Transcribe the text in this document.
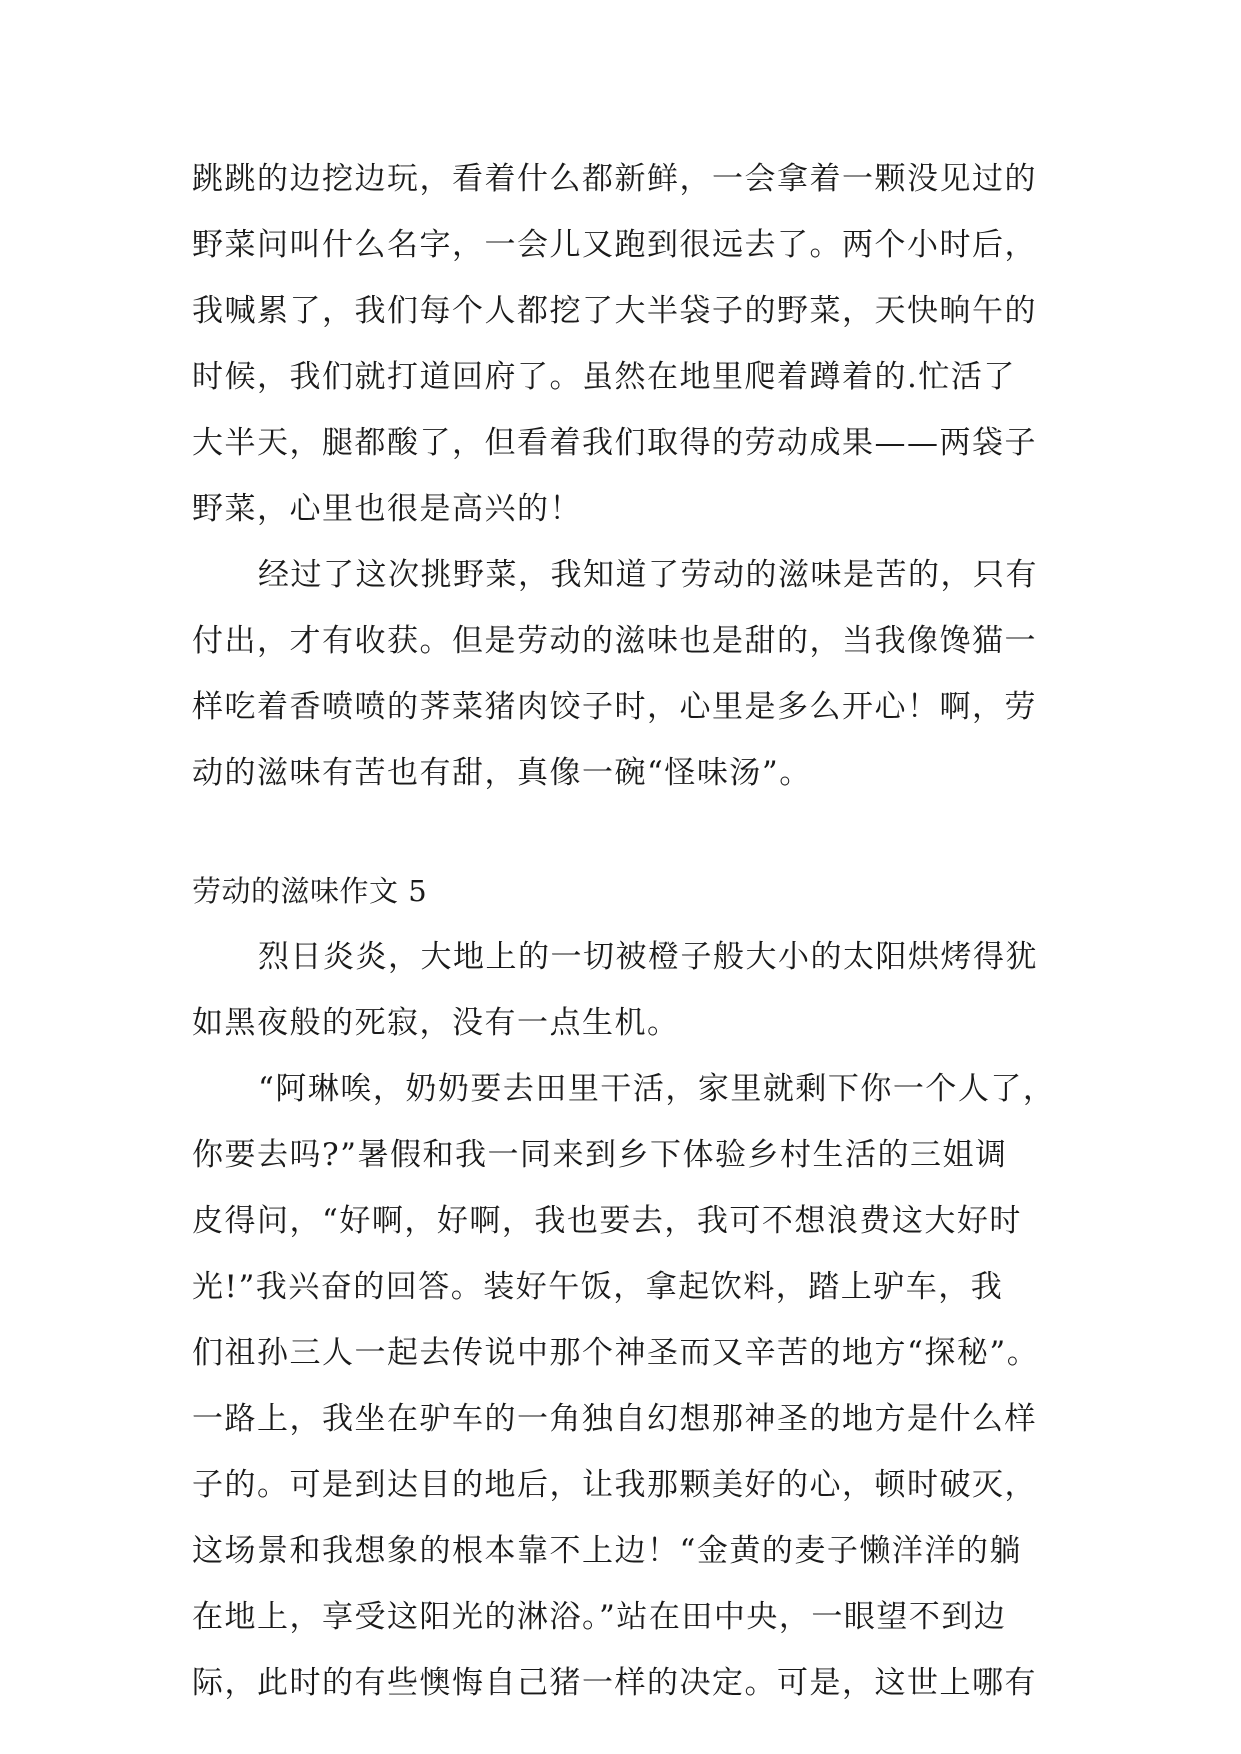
跳跳的边挖边玩，看着什么都新鲜，一会拿着一颗没见过的
野菜问叫什么名字，一会儿又跑到很远去了。两个小时后，
我喊累了，我们每个人都挖了大半袋子的野菜，天快晌午的
时候，我们就打道回府了。虽然在地里爬着蹲着的.忙活了
大半天，腿都酸了，但看着我们取得的劳动成果——两袋子
野菜，心里也很是高兴的！
经过了这次挑野菜，我知道了劳动的滋味是苦的，只有
付出，才有收获。但是劳动的滋味也是甜的，当我像馋猫一
样吃着香喷喷的荠菜猪肉饺子时，心里是多么开心！啊，劳
动的滋味有苦也有甜，真像一碗“怪味汤”。
劳动的滋味作文 5
烈日炎炎，大地上的一切被橙子般大小的太阳烘烤得犹
如黑夜般的死寂，没有一点生机。
“阿琳唉，奶奶要去田里干活，家里就剩下你一个人了，
你要去吗?”暑假和我一同来到乡下体验乡村生活的三姐调
皮得问，“好啊，好啊，我也要去，我可不想浪费这大好时
光!”我兴奋的回答。装好午饭，拿起饮料，踏上驴车，我
们祖孙三人一起去传说中那个神圣而又辛苦的地方“探秘”。
一路上，我坐在驴车的一角独自幻想那神圣的地方是什么样
子的。可是到达目的地后，让我那颗美好的心，顿时破灭，
这场景和我想象的根本靠不上边！“金黄的麦子懒洋洋的躺
在地上，享受这阳光的淋浴。”站在田中央，一眼望不到边
际，此时的有些懊悔自己猪一样的决定。可是，这世上哪有
